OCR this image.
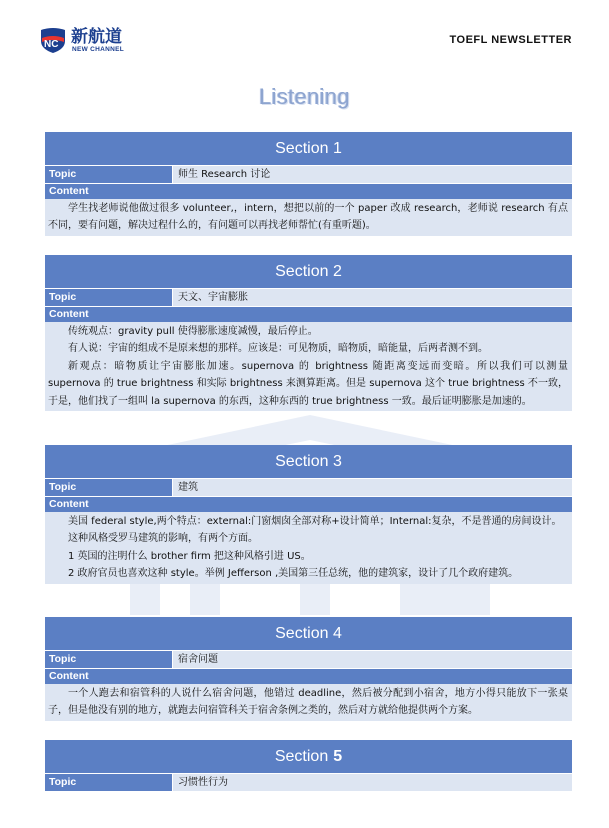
NC 新航道
NEW CHANNEL
TOEFL NEWSLETTER
Listening
Section
1
Topic	师生 Research 讨论
Content

学生找老师说他做过很多 volunteer,，intern，想把以前的一个 paper 改成 research，老师说 research 有点不同，要有问题，解决过程什么的，有问题可以再找老师帮忙(有重听题)。

Section
2
Topic	天文、宇宙膨胀
Content

传统观点：gravity pull 使得膨胀速度减慢，最后停止。

有人说：宇宙的组成不是原来想的那样。应该是：可见物质，暗物质，暗能量，后两者测不到。

新观点：暗物质让宇宙膨胀加速。supernova 的 brightness 随距离变远而变暗。所以我们可以测量 supernova 的 true brightness 和实际 brightness 来测算距离。但是 supernova 这个 true brightness 不一致，于是，他们找了一组叫 la supernova 的东西，这种东西的 true brightness 一致。最后证明膨胀是加速的。

Section
3
Topic	建筑
Content

美国 federal style,两个特点：external:门窗烟囱全部对称+设计简单；Internal:复杂，不是普通的房间设计。

这种风格受罗马建筑的影响，有两个方面。

1 英国的注明什么 brother firm 把这种风格引进 US。

2 政府官员也喜欢这种 style。举例 Jefferson ,美国第三任总统，他的建筑家，设计了几个政府建筑。

Section
4
Topic	宿舍问题
Content

一个人跑去和宿管科的人说什么宿舍问题，他错过 deadline，然后被分配到小宿舍，地方小得只能放下一张桌子，但是他没有别的地方，就跑去问宿管科关于宿舍条例之类的，然后对方就给他提供两个方案。

Section 5
Topic	习惯性行为
